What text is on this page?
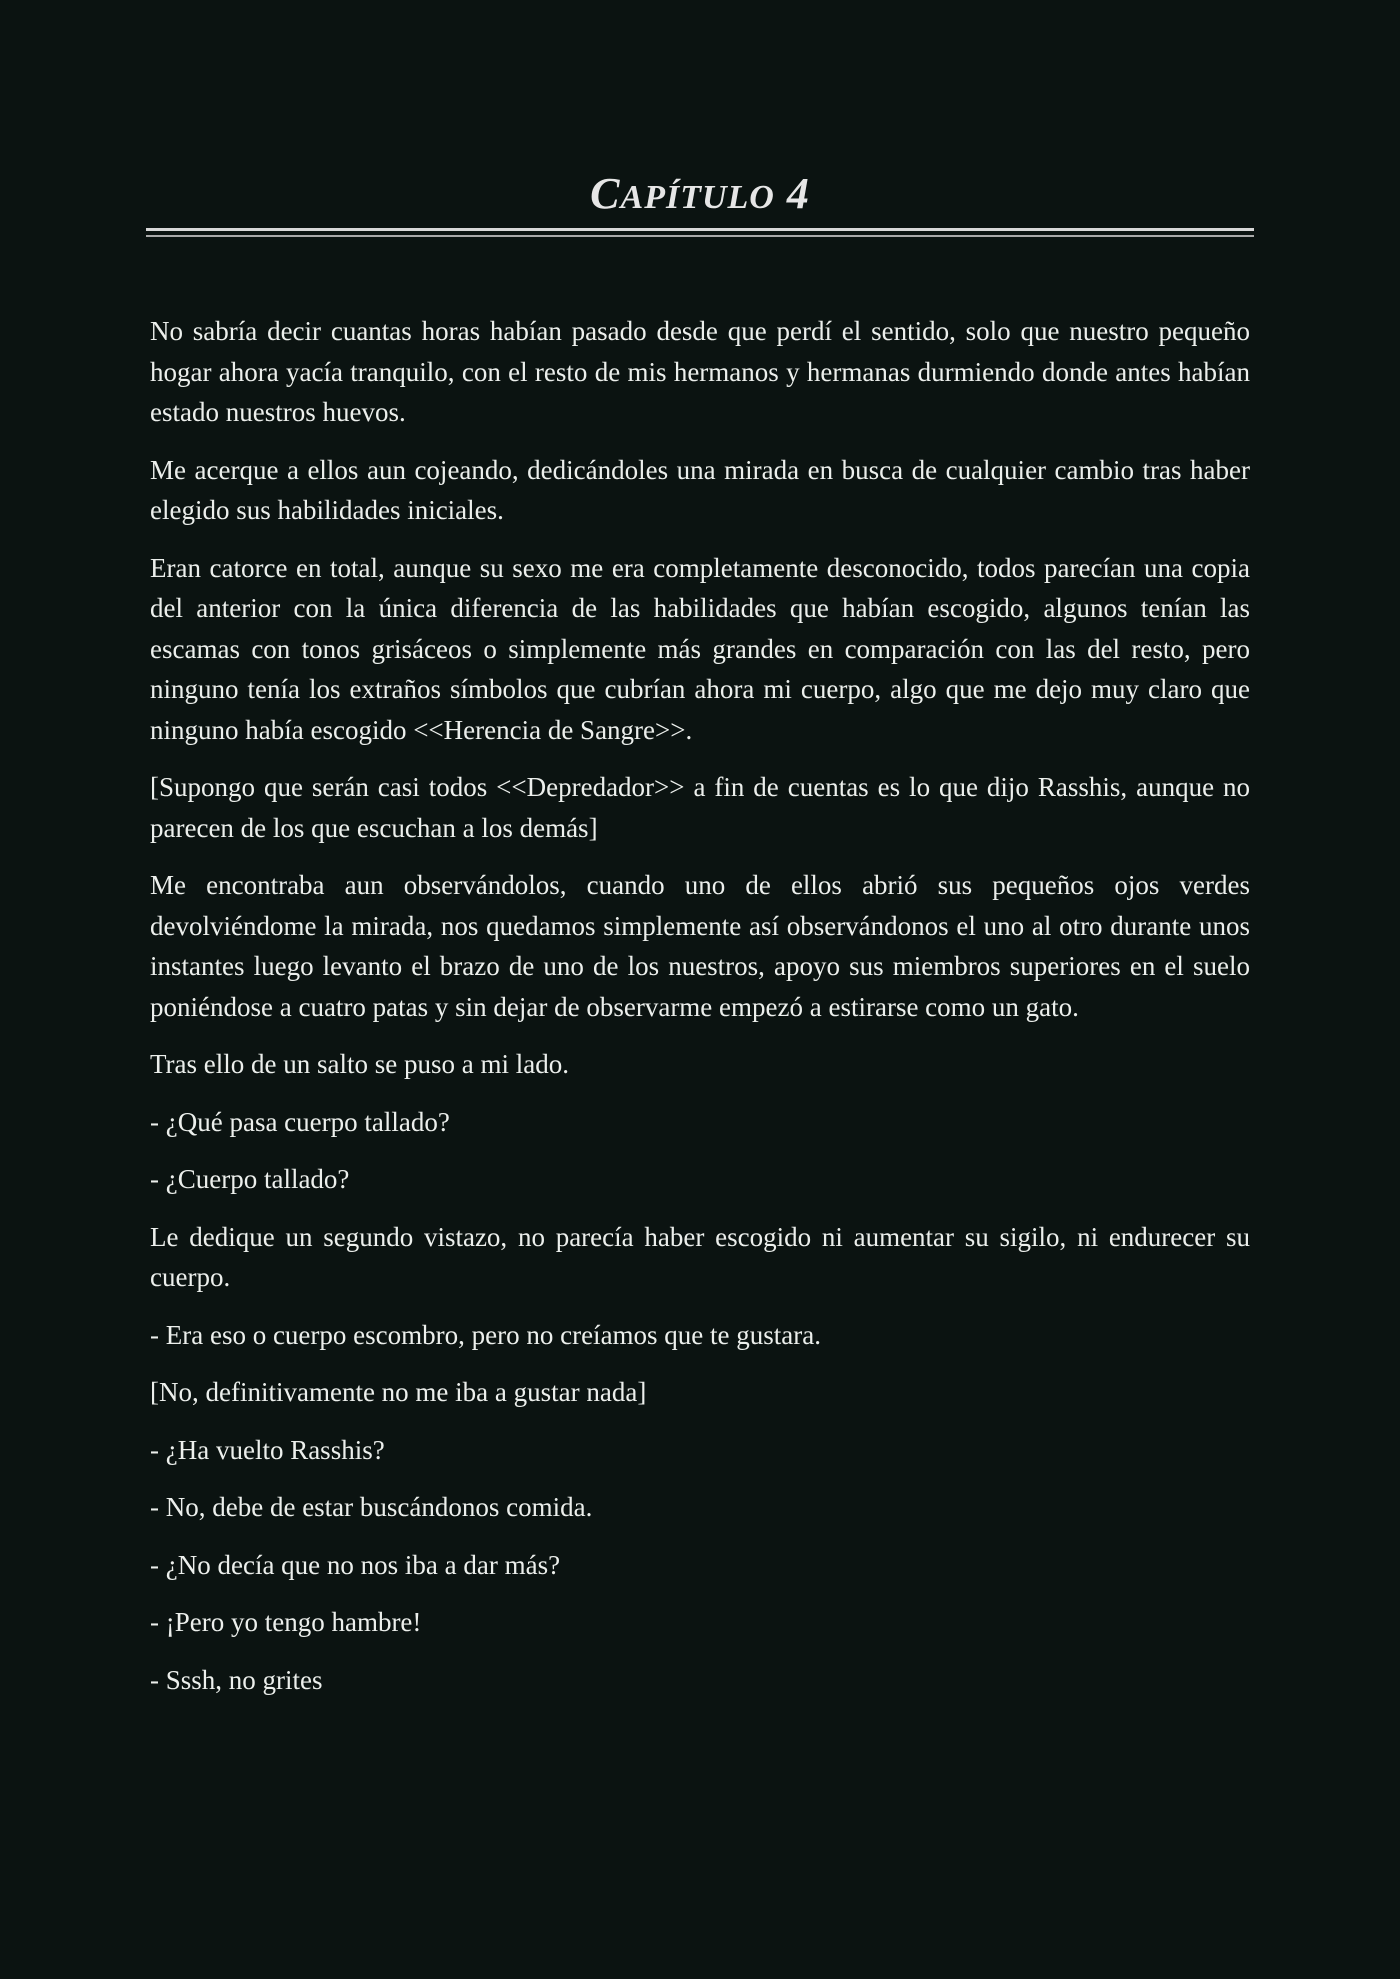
CAPÍTULO 4

No sabría decir cuantas horas habían pasado desde que perdí el sentido, solo que nuestro pequeño hogar ahora yacía tranquilo, con el resto de mis hermanos y hermanas durmiendo donde antes habían estado nuestros huevos.

Me acerque a ellos aun cojeando, dedicándoles una mirada en busca de cualquier cambio tras haber elegido sus habilidades iniciales.

Eran catorce en total, aunque su sexo me era completamente desconocido, todos parecían una copia del anterior con la única diferencia de las habilidades que habían escogido, algunos tenían las escamas con tonos grisáceos o simplemente más grandes en comparación con las del resto, pero ninguno tenía los extraños símbolos que cubrían ahora mi cuerpo, algo que me dejo muy claro que ninguno había escogido <<Herencia de Sangre>>.

[Supongo que serán casi todos <<Depredador>> a fin de cuentas es lo que dijo Rasshis, aunque no parecen de los que escuchan a los demás]

Me encontraba aun observándolos, cuando uno de ellos abrió sus pequeños ojos verdes devolviéndome la mirada, nos quedamos simplemente así observándonos el uno al otro durante unos instantes luego levanto el brazo de uno de los nuestros, apoyo sus miembros superiores en el suelo poniéndose a cuatro patas y sin dejar de observarme empezó a estirarse como un gato.

Tras ello de un salto se puso a mi lado.

- ¿Qué pasa cuerpo tallado?

- ¿Cuerpo tallado?

Le dedique un segundo vistazo, no parecía haber escogido ni aumentar su sigilo, ni endurecer su cuerpo.

- Era eso o cuerpo escombro, pero no creíamos que te gustara.

[No, definitivamente no me iba a gustar nada]

- ¿Ha vuelto Rasshis?

- No, debe de estar buscándonos comida.

- ¿No decía que no nos iba a dar más?

- ¡Pero yo tengo hambre!

- Sssh, no grites
